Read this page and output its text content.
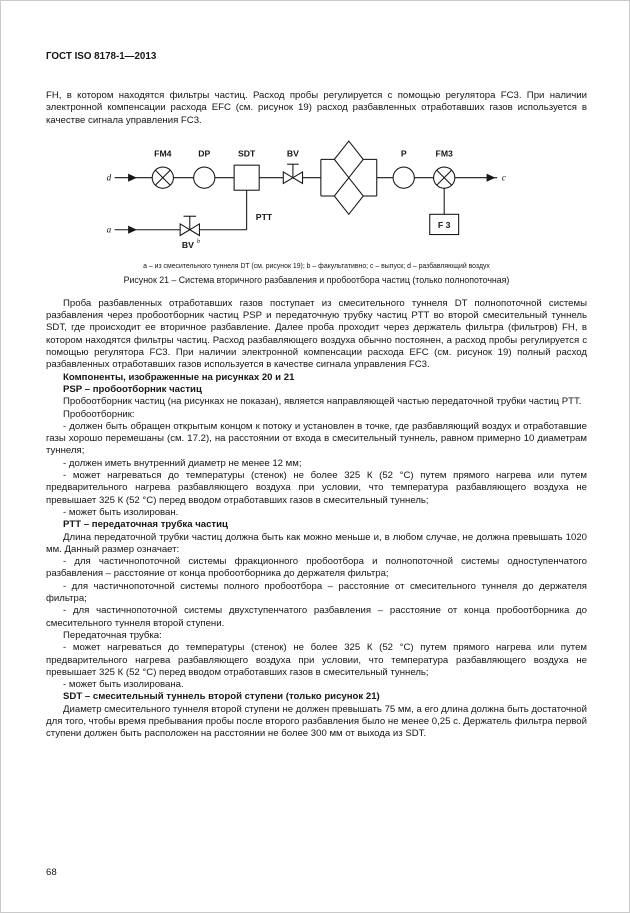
ГОСТ ISO 8178-1—2013

FH, в котором находятся фильтры частиц. Расход пробы регулируется с помощью регулятора FC3. При наличии электронной компенсации расхода EFC (см. рисунок 19) расход разбавленных отработавших газов используется в качестве сигнала управления FC3.

FM4	DP	SDT	BV	P	FM3
F 3
PTT
BV b
d
a
c
a – из смесительного туннеля DT (см. рисунок 19); b – факультативно; c – выпуск; d – разбавляющий воздух
Рисунок 21 – Система вторичного разбавления и пробоотбора частиц (только полнопоточная)

Проба разбавленных отработавших газов поступает из смесительного туннеля DT полнопоточной системы разбавления через пробоотборник частиц PSP и передаточную трубку частиц PTT во второй смесительный туннель SDT, где происходит ее вторичное разбавление. Далее проба проходит через держатель фильтра (фильтров) FH, в котором находятся фильтры частиц. Расход разбавляющего воздуха обычно постоянен, а расход пробы регулируется с помощью регулятора FC3. При наличии электронной компенсации расхода EFC (см. рисунок 19) полный расход разбавленных отработавших газов используется в качестве сигнала управления FC3.

Компоненты, изображенные на рисунках 20 и 21

PSP – пробоотборник частиц

Пробоотборник частиц (на рисунках не показан), является направляющей частью передаточной трубки частиц PTT.

Пробоотборник:

- должен быть обращен открытым концом к потоку и установлен в точке, где разбавляющий воздух и отработавшие газы хорошо перемешаны (см. 17.2), на расстоянии от входа в смесительный туннель, равном примерно 10 диаметрам туннеля;

- должен иметь внутренний диаметр не менее 12 мм;

- может нагреваться до температуры (стенок) не более 325 К (52 °C) путем прямого нагрева или путем предварительного нагрева разбавляющего воздуха при условии, что температура разбавляющего воздуха не превышает 325 К (52 °C) перед вводом отработавших газов в смесительный туннель;

- может быть изолирован.

PTT – передаточная трубка частиц

Длина передаточной трубки частиц должна быть как можно меньше и, в любом случае, не должна превышать 1020 мм. Данный размер означает:

- для частичнопоточной системы фракционного пробоотбора и полнопоточной системы одноступенчатого разбавления – расстояние от конца пробоотборника до держателя фильтра;

- для частичнопоточной системы полного пробоотбора – расстояние от смесительного туннеля до держателя фильтра;

- для частичнопоточной системы двухступенчатого разбавления – расстояние от конца пробоотборника до смесительного туннеля второй ступени.

Передаточная трубка:

- может нагреваться до температуры (стенок) не более 325 К (52 °C) путем прямого нагрева или путем предварительного нагрева разбавляющего воздуха при условии, что температура разбавляющего воздуха не превышает 325 К (52 °C) перед вводом отработавших газов в смесительный туннель;

- может быть изолирована.

SDT – смесительный туннель второй ступени (только рисунок 21)

Диаметр смесительного туннеля второй ступени не должен превышать 75 мм, а его длина должна быть достаточной для того, чтобы время пребывания пробы после второго разбавления было не менее 0,25 с. Держатель фильтра первой ступени должен быть расположен на расстоянии не более 300 мм от выхода из SDT.

68
